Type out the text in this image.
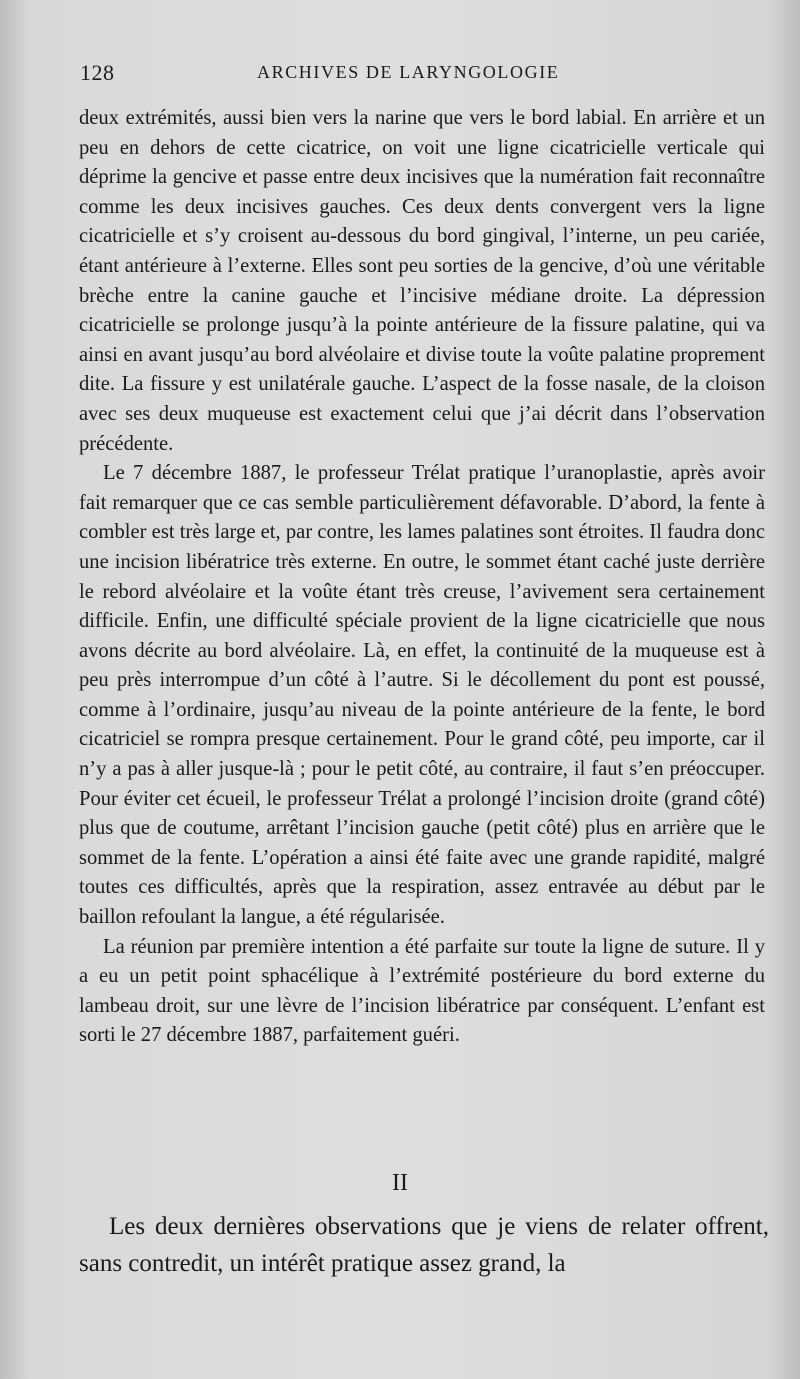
128	ARCHIVES DE LARYNGOLOGIE

deux extrémités, aussi bien vers la narine que vers le bord labial. En arrière et un peu en dehors de cette cicatrice, on voit une ligne cicatricielle verticale qui déprime la gencive et passe entre deux incisives que la numération fait reconnaître comme les deux incisives gauches. Ces deux dents convergent vers la ligne cicatricielle et s’y croisent au-dessous du bord gingival, l’interne, un peu cariée, étant antérieure à l’externe. Elles sont peu sorties de la gencive, d’où une véritable brèche entre la canine gauche et l’incisive médiane droite. La dépression cicatricielle se prolonge jusqu’à la pointe antérieure de la fissure palatine, qui va ainsi en avant jusqu’au bord alvéolaire et divise toute la voûte palatine proprement dite. La fissure y est unilatérale gauche. L’aspect de la fosse nasale, de la cloison avec ses deux muqueuse est exactement celui que j’ai décrit dans l’observation précédente.

Le 7 décembre 1887, le professeur Trélat pratique l’uranoplastie, après avoir fait remarquer que ce cas semble particulièrement défavorable. D’abord, la fente à combler est très large et, par contre, les lames palatines sont étroites. Il faudra donc une incision libératrice très externe. En outre, le sommet étant caché juste derrière le rebord alvéolaire et la voûte étant très creuse, l’avivement sera certainement difficile. Enfin, une difficulté spéciale provient de la ligne cicatricielle que nous avons décrite au bord alvéolaire. Là, en effet, la continuité de la muqueuse est à peu près interrompue d’un côté à l’autre. Si le décollement du pont est poussé, comme à l’ordinaire, jusqu’au niveau de la pointe antérieure de la fente, le bord cicatriciel se rompra presque certainement. Pour le grand côté, peu importe, car il n’y a pas à aller jusque-là ; pour le petit côté, au contraire, il faut s’en préoccuper. Pour éviter cet écueil, le professeur Trélat a prolongé l’incision droite (grand côté) plus que de coutume, arrêtant l’incision gauche (petit côté) plus en arrière que le sommet de la fente. L’opération a ainsi été faite avec une grande rapidité, malgré toutes ces difficultés, après que la respiration, assez entravée au début par le baillon refoulant la langue, a été régularisée.

La réunion par première intention a été parfaite sur toute la ligne de suture. Il y a eu un petit point sphacélique à l’extrémité postérieure du bord externe du lambeau droit, sur une lèvre de l’incision libératrice par conséquent. L’enfant est sorti le 27 décembre 1887, parfaitement guéri.

II

Les deux dernières observations que je viens de relater offrent, sans contredit, un intérêt pratique assez grand, la
